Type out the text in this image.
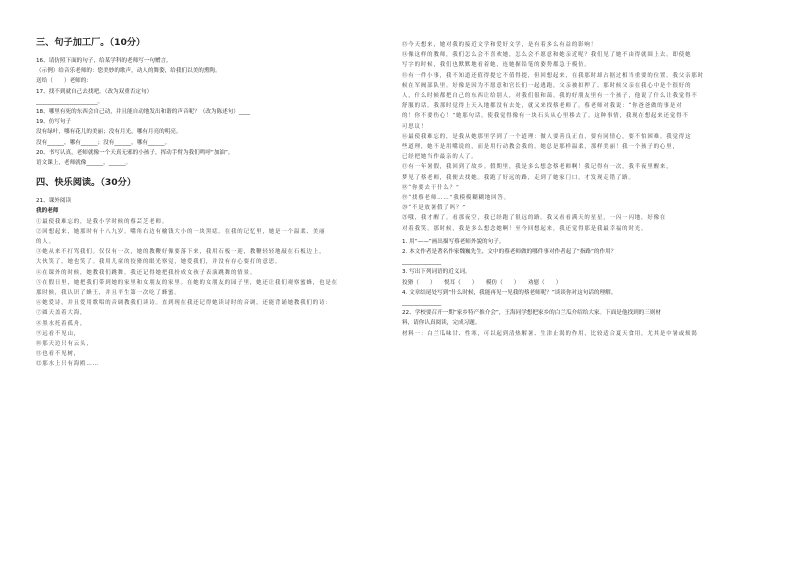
三、句子加工厂。（10分）
16、请仿照下面的句子，给某学科的老师写一句赠言。
（示例）给音乐老师的：您美妙的歌声，动人的舞姿，给我们以美的熏陶。
送给（　　）老师的：
17、找不到就自己去找吧。（改为双重否定句）
______________________。
18、哪里有死的东西会自己动，并且能自动地发出和谐的声音呢？（改为陈述句）____
19、仿写句子
没有绿叶，哪有花儿的美丽；没有月光，哪有月亮的明亮。
没有______，哪有______；没有______，哪有______。
20、书写认真，老师就像一个天真无邪的小孩子，挥动手臂为我们鸣呼“加油”。
语文课上，老师就像______，______。
四、快乐阅读。（30分）
21、课外阅读
我的老师
①最使我难忘的，是我小学时候的蔡芸芝老师。
②回想起来，她那时有十八九岁。嘴角右边有榆钱大小的一块黑痣。在我的记忆里，她是一个温柔、美丽
的人。
③她从来不打骂我们。仅仅有一次，她的教鞭好像要落下来，我用石板一迎，教鞭轻轻地敲在石板边上，
大伙笑了，她也笑了。我用儿童的狡猾的眼光察觉，她爱我们，并没有存心要打的意思。
④在课外的时候，她教我们跳舞，我还记得她把我扮成女孩子表演跳舞的情景。
⑤在假日里，她把我们带到她的家里和女朋友的家里。在她的女朋友的园子里，她还让我们观察蜜蜂，也是在
那时候，我认识了蜂王，并且平生第一次吃了蜂蜜。
⑥她爱诗，并且爱用歌唱的音调教我们读诗。直到现在我还记得她读诗时的音调，还能背诵她教我们的诗：
⑦圆天盖着大海，
⑧黑水托着孤舟，
⑨远看不见山，
⑩那天边只有云头，
⑪也看不见树，
⑫那水上只有海鸥……
⑬今天想来，她对我的接近文学和爱好文学，是有着多么有益的影响！
⑭像这样的教师，我们怎么会不喜欢她，怎么会不愿意和她亲近呢？我们见了她不由得就围上去。即使她
写字的时候，我们也默默地看着她，连她握铅笔的姿势都急于模仿。
⑮有一件小事，我不知道还值得提它不值得提，但回想起来，在我那时却占据过相当重要的位置。我父亲那时
候在军阀部队里。好像是因为不愿意和官长们一起逃跑，父亲被扣押了。那时候父亲在我心中是个很好的
人，什么时候都把自己的东西让给别人，对我们很和蔼。我的好朋友里有一个孩子，他说了什么让我觉得不
舒服的话。我那时觉得上天入地都没有去处，就又来找蔡老师了。蔡老师对我说：“你爸爸做的事是对
的！你不要伤心！”她那句话，使我觉得像有一块石头从心里移去了。这种事情，我现在想起来还觉得不
可思议！
⑯最使我难忘的，是我从她那里学到了一个道理：做人要善良正直，要有同情心，要不怕困难。我觉得这
些道理，她不是用嘴说的，而是用行动教会我的。她总是那样温柔，那样美丽！我一个孩子的心里，
已经把她当作最亲的人了。
⑰有一年暑假，我回到了故乡。假期里，我是多么想念蔡老师啊！我记得有一次，我半夜里醒来，
梦见了蔡老师，我便去找她。我跑了好远的路，走到了她家门口，才发现走错了路。
⑱“你要去干什么？”
⑲“找蔡老师……”我模模糊糊地回答。
⑳“不是放暑假了吗？”
㉑哦，我才醒了。看那夜空，我已经跑了很远的路。我又看看满天的星星，一闪一闪地，好像在
对着我笑。那时候，我是多么想念她啊！至今回想起来，我还觉得那是我最幸福的时光。
1. 用“——”画出描写蔡老师外貌的句子。
2. 本文作者是著名作家魏巍先生，文中的蔡老师做的哪件事对作者起了“指路”的作用？
______________
3. 写出下列词语的近义词。
狡猾（　　）　　悦耳（　　）　　模仿（　　）　　劝慰（　　）
4. 文章结尾处写到“什么时候，我能再见一见我的蔡老师呢？”谈谈你对这句话的理解。
______________
22、学校要召开一期“家乡特产推介会”，王海同学想把家乡的白兰瓜介绍给大家。下面是他找到的三则材
料，请你认真阅读，完成习题。
材料一：白兰瓜味甘、性寒，可以起到清热解暑、生津止渴的作用，比较适合夏天食用，尤其是中暑或烦渴
